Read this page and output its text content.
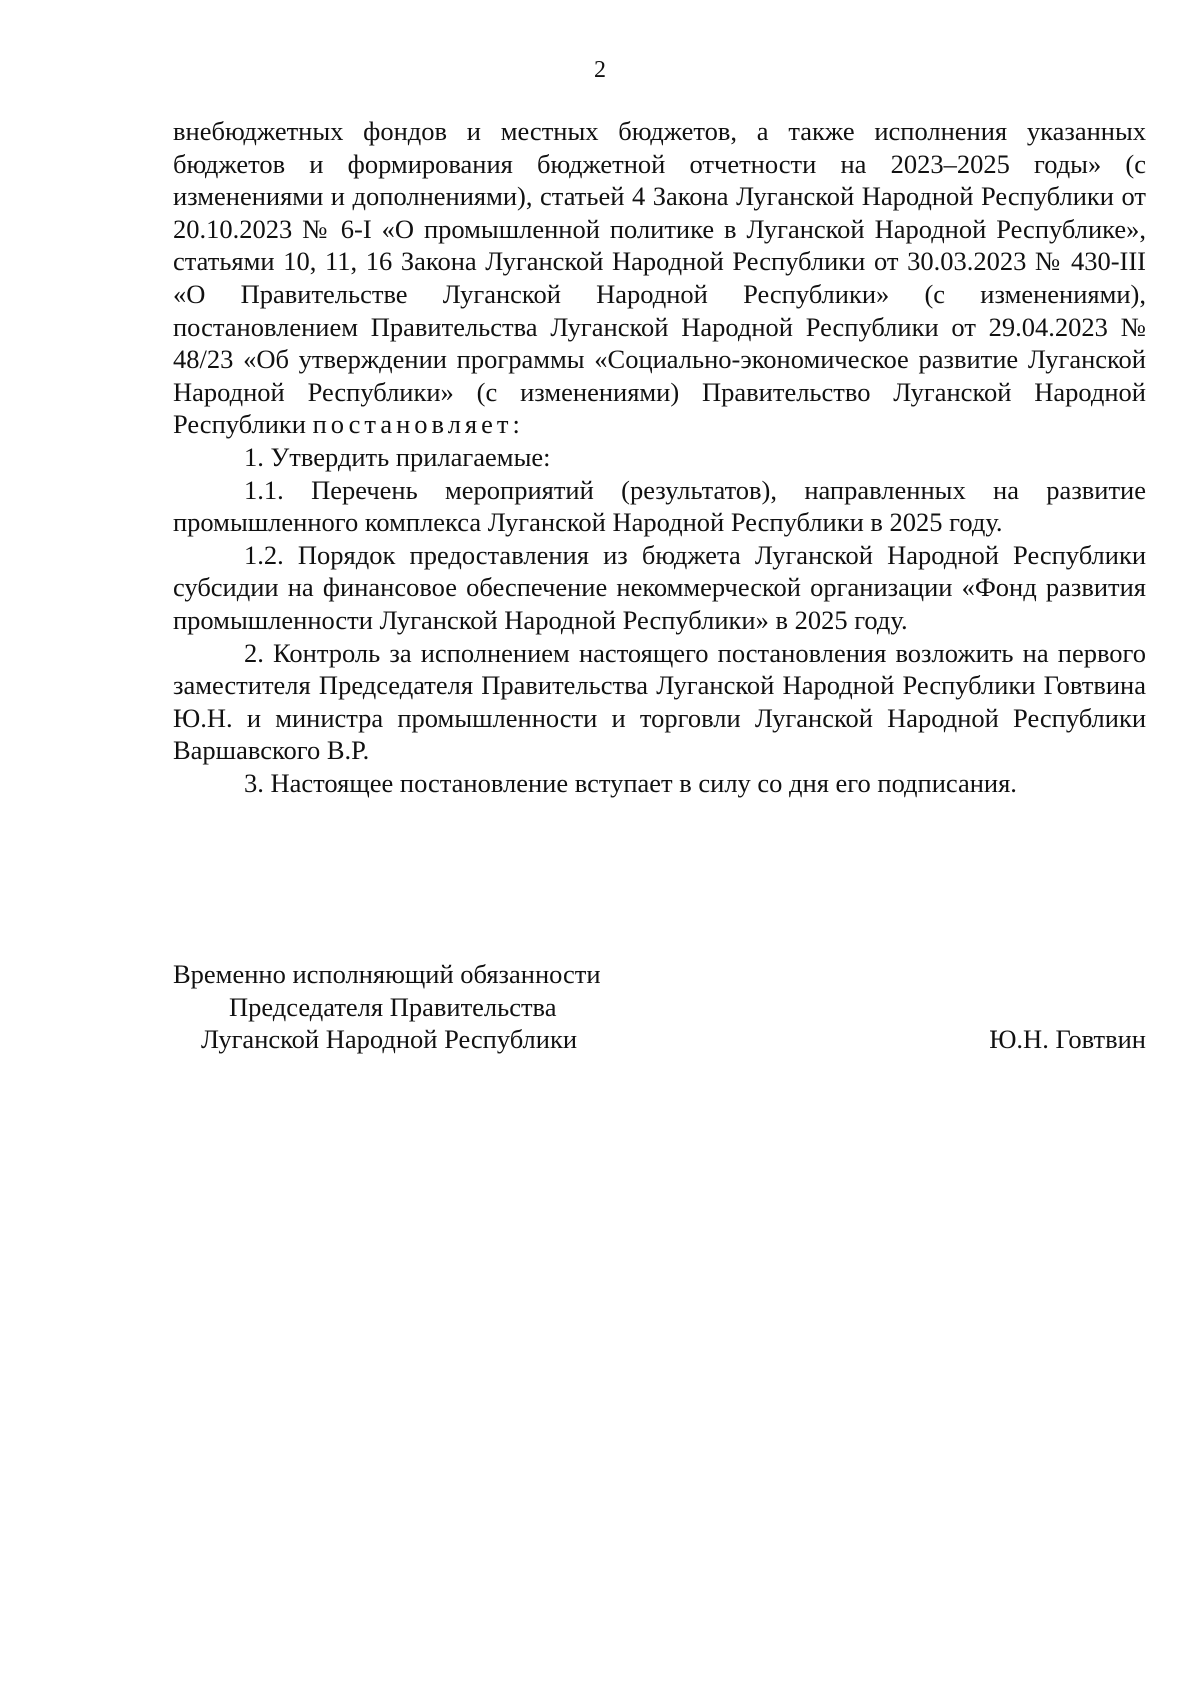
2

внебюджетных фондов и местных бюджетов, а также исполнения указанных бюджетов и формирования бюджетной отчетности на 2023–2025 годы» (с изменениями и дополнениями), статьей 4 Закона Луганской Народной Республики от 20.10.2023 № 6-I «О промышленной политике в Луганской Народной Республике», статьями 10, 11, 16 Закона Луганской Народной Республики от 30.03.2023 № 430-III «О Правительстве Луганской Народной Республики» (с изменениями), постановлением Правительства Луганской Народной Республики от 29.04.2023 № 48/23 «Об утверждении программы «Социально-экономическое развитие Луганской Народной Республики» (с изменениями) Правительство Луганской Народной Республики постановляет:

1. Утвердить прилагаемые:

1.1. Перечень мероприятий (результатов), направленных на развитие промышленного комплекса Луганской Народной Республики в 2025 году.

1.2. Порядок предоставления из бюджета Луганской Народной Республики субсидии на финансовое обеспечение некоммерческой организации «Фонд развития промышленности Луганской Народной Республики» в 2025 году.

2. Контроль за исполнением настоящего постановления возложить на первого заместителя Председателя Правительства Луганской Народной Республики Говтвина Ю.Н. и министра промышленности и торговли Луганской Народной Республики Варшавского В.Р.

3. Настоящее постановление вступает в силу со дня его подписания.

Временно исполняющий обязанности
Председателя Правительства
Луганской Народной Республики	Ю.Н. Говтвин
